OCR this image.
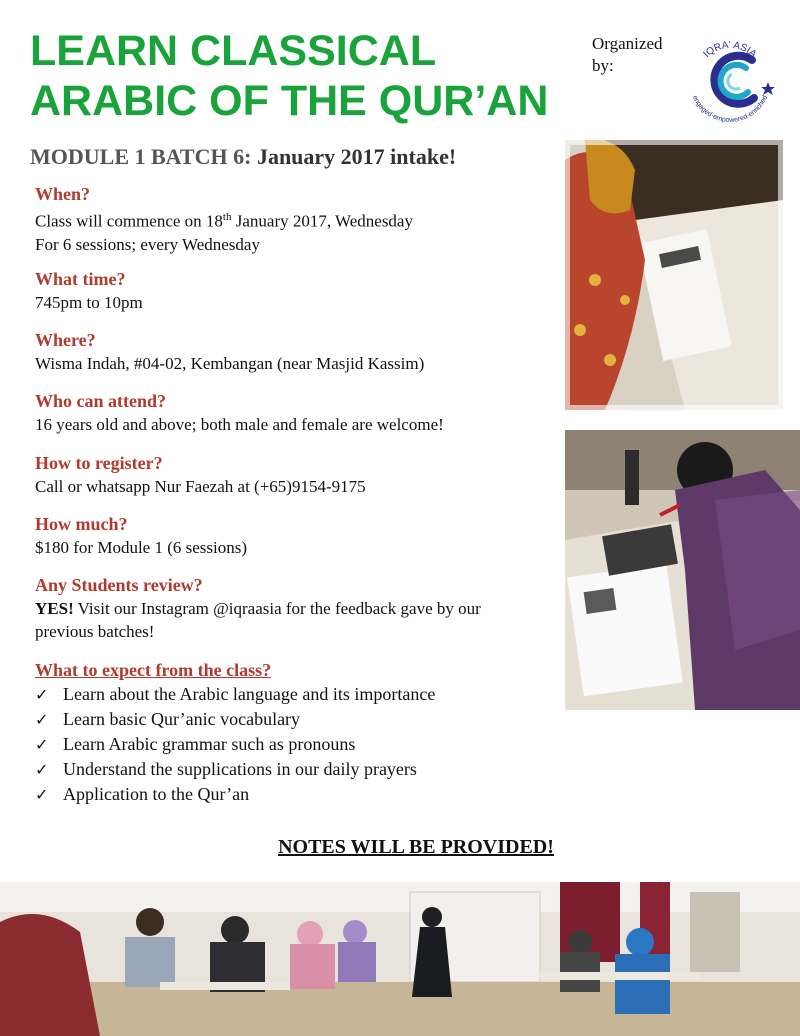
LEARN CLASSICAL
ARABIC OF THE QUR’AN
Organized
by:
IQRA' ASIA
engaged·empowered·enriched
MODULE 1 BATCH 6: January 2017 intake!
When?
Class will commence on 18th January 2017, Wednesday
For 6 sessions; every Wednesday
What time?
745pm to 10pm
Where?
Wisma Indah, #04-02, Kembangan (near Masjid Kassim)
Who can attend?
16 years old and above; both male and female are welcome!
How to register?
Call or whatsapp Nur Faezah at (+65)9154-9175
How much?
$180 for Module 1 (6 sessions)
Any Students review?
YES! Visit our Instagram @iqraasia for the feedback gave by our
previous batches!
What to expect from the class?
✓ Learn about the Arabic language and its importance
✓ Learn basic Qur’anic vocabulary
✓ Learn Arabic grammar such as pronouns
✓ Understand the supplications in our daily prayers
✓ Application to the Qur’an
NOTES WILL BE PROVIDED!
